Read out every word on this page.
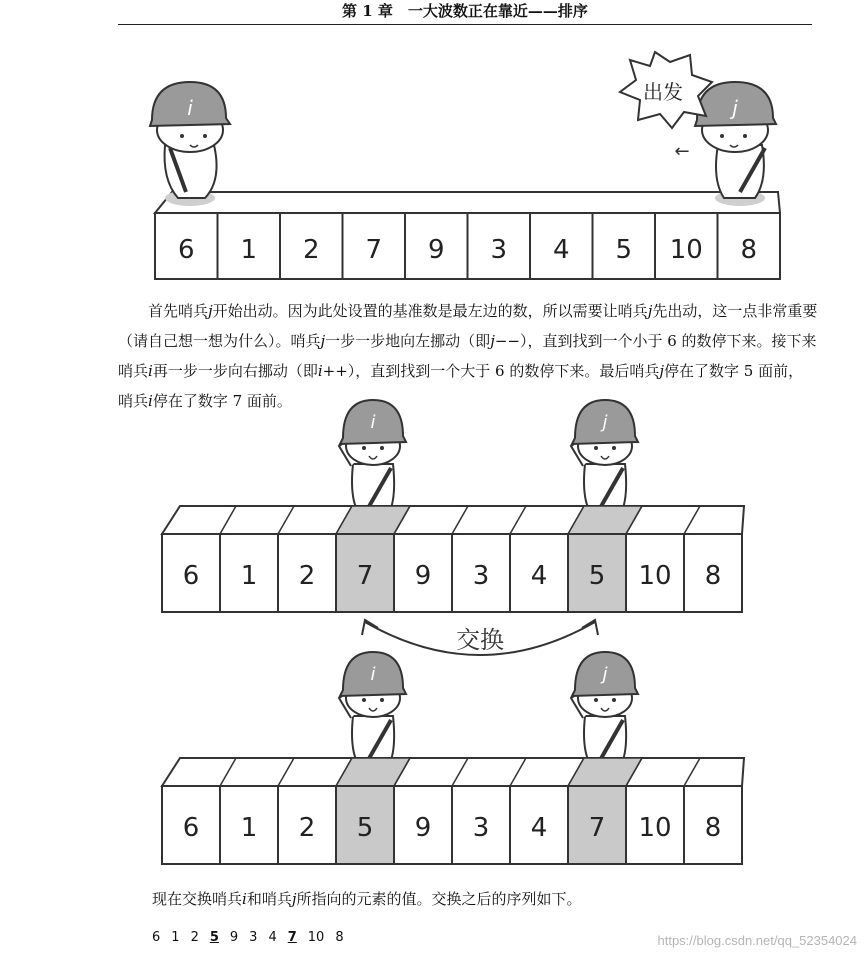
第 1 章　一大波数正在靠近——排序
6 1 2 7 9 3 4 5 10 8
i	j
出发
←
首先哨兵j开始出动。因为此处设置的基准数是最左边的数，所以需要让哨兵j先出动，这一点非常重要（请自己想一想为什么）。哨兵j一步一步地向左挪动（即j−−），直到找到一个小于 6 的数停下来。接下来哨兵i再一步一步向右挪动（即i++），直到找到一个大于 6 的数停下来。最后哨兵j停在了数字 5 面前，哨兵i停在了数字 7 面前。
i	j
6 1 2 7 9 3 4 5 10 8
交换
i	j
6 1 2 5 9 3 4 7 10 8
现在交换哨兵i和哨兵j所指向的元素的值。交换之后的序列如下。
6 1 2 5 9 3 4 7 10 8	https://blog.csdn.net/qq_52354024
